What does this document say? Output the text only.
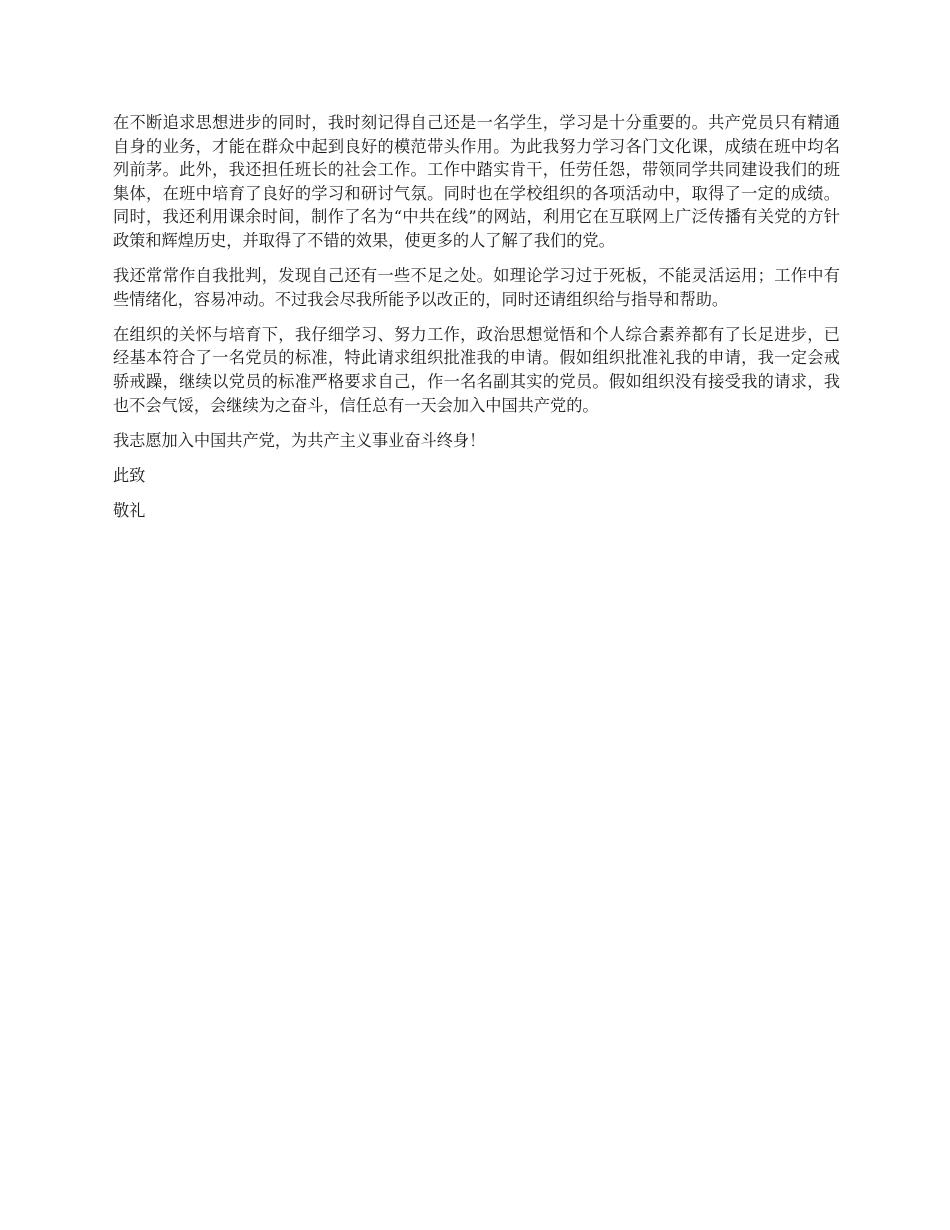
在不断追求思想进步的同时，我时刻记得自己还是一名学生，学习是十分重要的。共产党员只有精通自身的业务，才能在群众中起到良好的模范带头作用。为此我努力学习各门文化课，成绩在班中均名列前茅。此外，我还担任班长的社会工作。工作中踏实肯干，任劳任怨，带领同学共同建设我们的班集体，在班中培育了良好的学习和研讨气氛。同时也在学校组织的各项活动中，取得了一定的成绩。同时，我还利用课余时间，制作了名为“中共在线”的网站，利用它在互联网上广泛传播有关党的方针政策和辉煌历史，并取得了不错的效果，使更多的人了解了我们的党。

我还常常作自我批判，发现自己还有一些不足之处。如理论学习过于死板，不能灵活运用；工作中有些情绪化，容易冲动。不过我会尽我所能予以改正的，同时还请组织给与指导和帮助。

在组织的关怀与培育下，我仔细学习、努力工作，政治思想觉悟和个人综合素养都有了长足进步，已经基本符合了一名党员的标准，特此请求组织批准我的申请。假如组织批准礼我的申请，我一定会戒骄戒躁，继续以党员的标准严格要求自己，作一名名副其实的党员。假如组织没有接受我的请求，我也不会气馁，会继续为之奋斗，信任总有一天会加入中国共产党的。

我志愿加入中国共产党，为共产主义事业奋斗终身！

此致

敬礼
